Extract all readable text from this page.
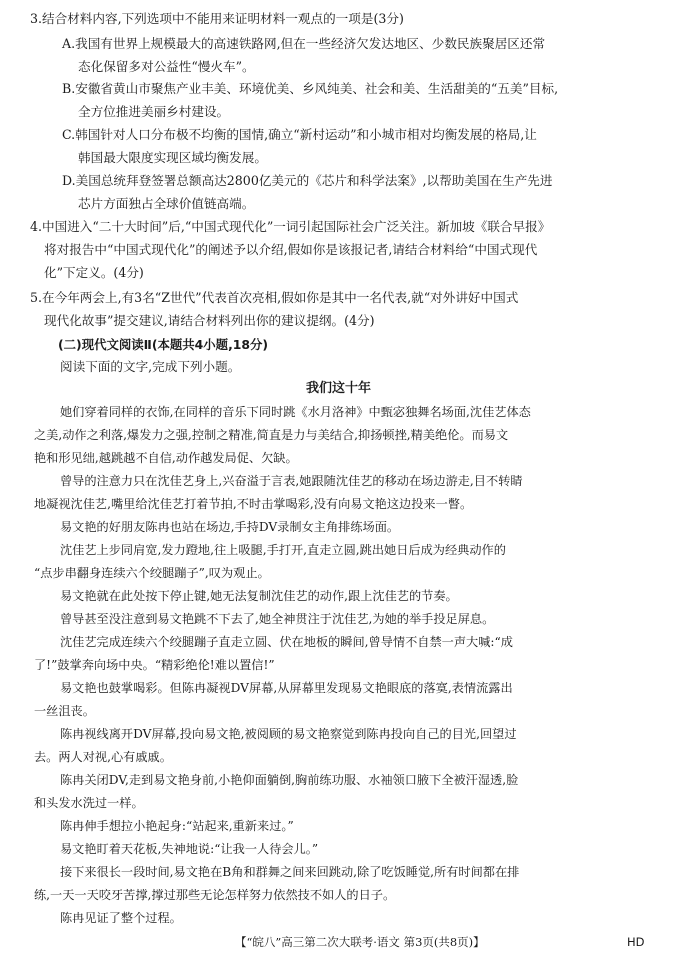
3.结合材料内容,下列选项中不能用来证明材料一观点的一项是(3分)
A.我国有世界上规模最大的高速铁路网,但在一些经济欠发达地区、少数民族聚居区还常
态化保留多对公益性“慢火车”。
B.安徽省黄山市聚焦产业丰美、环境优美、乡风纯美、社会和美、生活甜美的“五美”目标,
全方位推进美丽乡村建设。
C.韩国针对人口分布极不均衡的国情,确立“新村运动”和小城市相对均衡发展的格局,让
韩国最大限度实现区域均衡发展。
D.美国总统拜登签署总额高达2800亿美元的《芯片和科学法案》,以帮助美国在生产先进
芯片方面独占全球价值链高端。
4.中国进入“二十大时间”后,“中国式现代化”一词引起国际社会广泛关注。新加坡《联合早报》
将对报告中“中国式现代化”的阐述予以介绍,假如你是该报记者,请结合材料给“中国式现代
化”下定义。(4分)
5.在今年两会上,有3名“Z世代”代表首次亮相,假如你是其中一名代表,就“对外讲好中国式
现代化故事”提交建议,请结合材料列出你的建议提纲。(4分)
(二)现代文阅读Ⅱ(本题共4小题,18分)
阅读下面的文字,完成下列小题。
我们这十年
她们穿着同样的衣饰,在同样的音乐下同时跳《水月洛神》中甄宓独舞名场面,沈佳艺体态
之美,动作之利落,爆发力之强,控制之精准,简直是力与美结合,抑扬顿挫,精美绝伦。而易文
艳和形见绌,越跳越不自信,动作越发局促、欠缺。
曾导的注意力只在沈佳艺身上,兴奋溢于言表,她跟随沈佳艺的移动在场边游走,目不转睛
地凝视沈佳艺,嘴里给沈佳艺打着节拍,不时击掌喝彩,没有向易文艳这边投来一瞥。
易文艳的好朋友陈冉也站在场边,手持DV录制女主角排练场面。
沈佳艺上步同肩宽,发力蹬地,往上吸腿,手打开,直走立圆,跳出她日后成为经典动作的
“点步串翻身连续六个绞腿蹦子”,叹为观止。
易文艳就在此处按下停止键,她无法复制沈佳艺的动作,跟上沈佳艺的节奏。
曾导甚至没注意到易文艳跳不下去了,她全神贯注于沈佳艺,为她的举手投足屏息。
沈佳艺完成连续六个绞腿蹦子直走立圆、伏在地板的瞬间,曾导情不自禁一声大喊:“成
了!”鼓掌奔向场中央。“精彩绝伦!难以置信!”
易文艳也鼓掌喝彩。但陈冉凝视DV屏幕,从屏幕里发现易文艳眼底的落寞,表情流露出
一丝沮丧。
陈冉视线离开DV屏幕,投向易文艳,被阅顾的易文艳察觉到陈冉投向自己的目光,回望过
去。两人对视,心有戚戚。
陈冉关闭DV,走到易文艳身前,小艳仰面躺倒,胸前练功服、水袖领口腋下全被汗湿透,脸
和头发水洗过一样。
陈冉伸手想拉小艳起身:“站起来,重新来过。”
易文艳盯着天花板,失神地说:“让我一人待会儿。”
接下来很长一段时间,易文艳在B角和群舞之间来回跳动,除了吃饭睡觉,所有时间都在排
练,一天一天咬牙苦撑,撑过那些无论怎样努力依然技不如人的日子。
陈冉见证了整个过程。
【“皖八”高三第二次大联考·语文 第3页(共8页)】	HD
